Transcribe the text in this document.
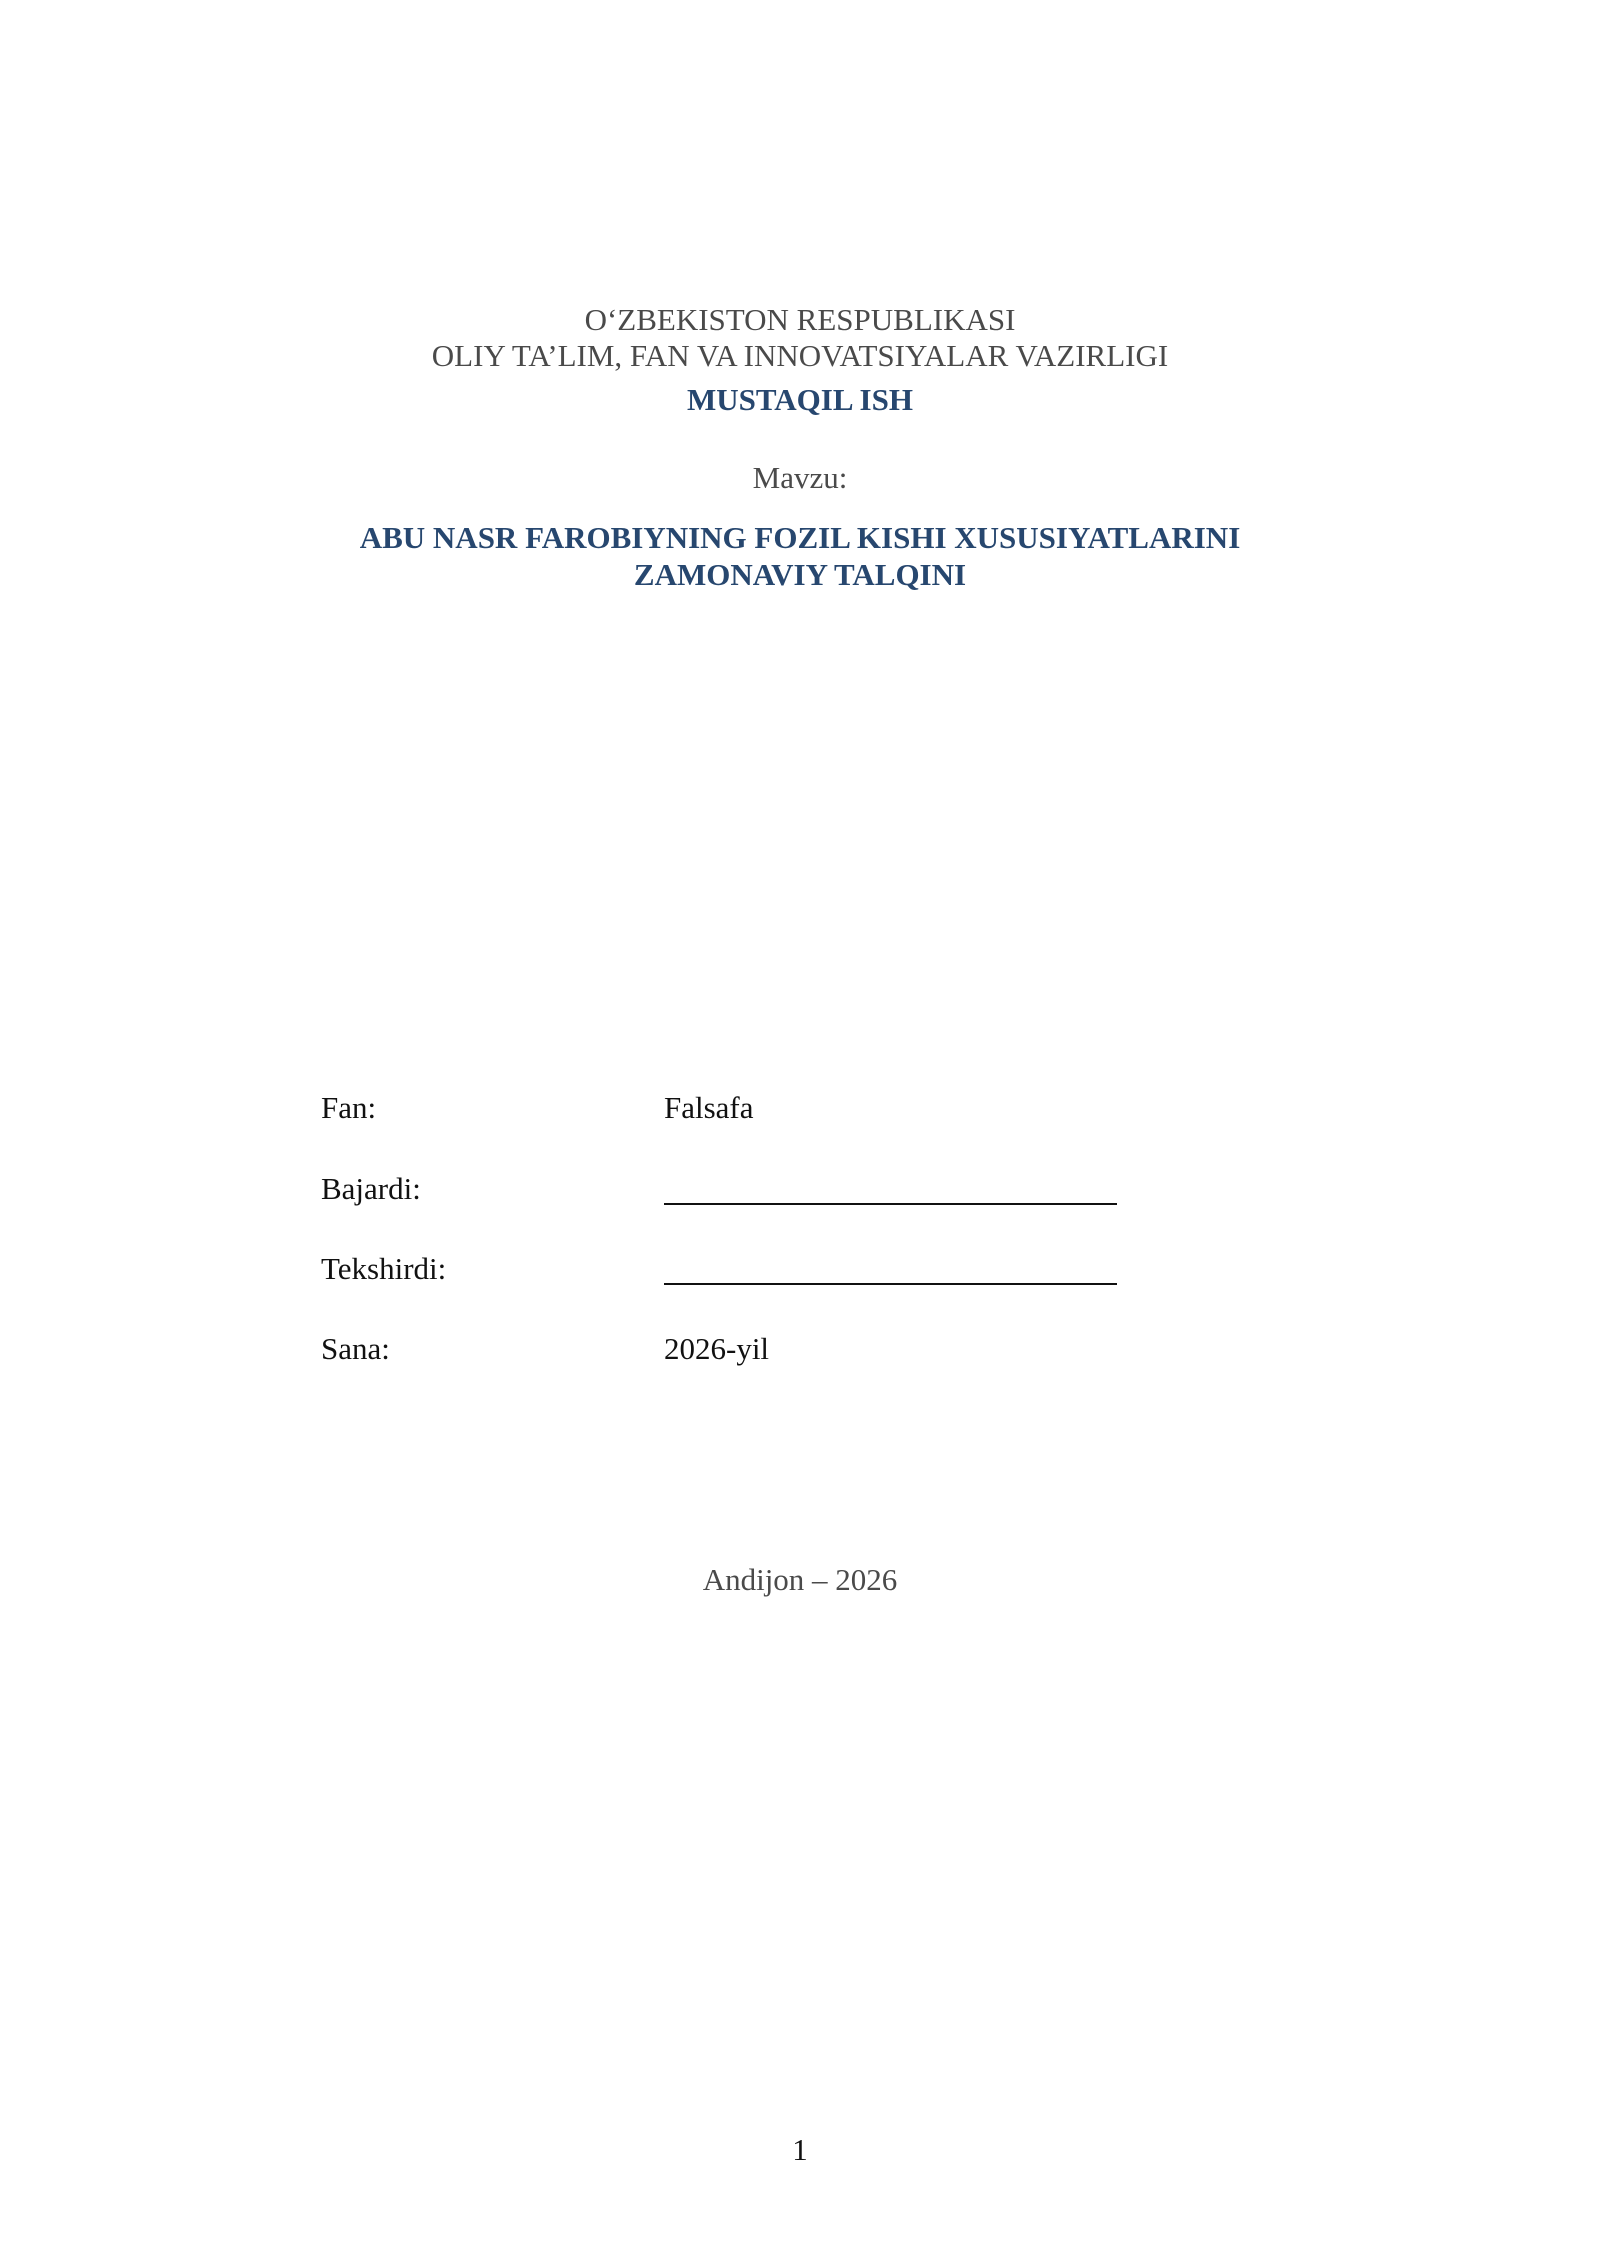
O‘ZBEKISTON RESPUBLIKASI
OLIY TA’LIM, FAN VA INNOVATSIYALAR VAZIRLIGI
MUSTAQIL ISH
Mavzu:
ABU NASR FAROBIYNING FOZIL KISHI XUSUSIYATLARINI
ZAMONAVIY TALQINI
Fan:	Falsafa
Bajardi:
Tekshirdi:
Sana:	2026-yil
Andijon – 2026
1
